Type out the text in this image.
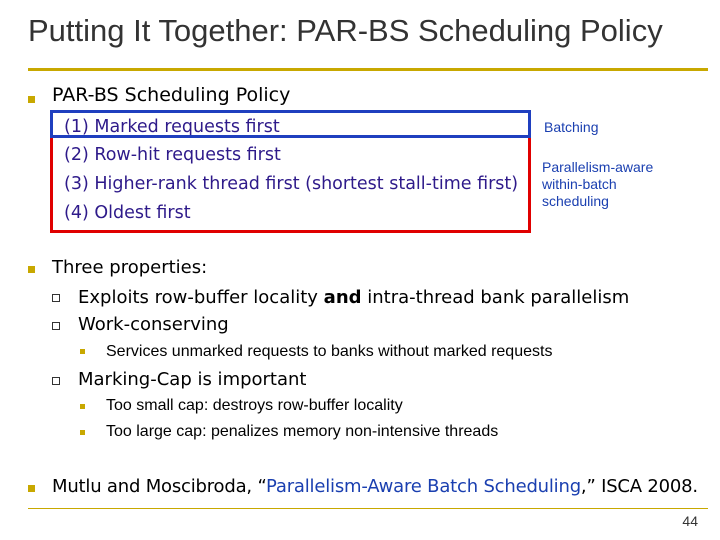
Putting It Together: PAR-BS Scheduling Policy
PAR-BS Scheduling Policy
(1) Marked requests first
(2) Row-hit requests first
(3) Higher-rank thread first (shortest stall-time first)
(4) Oldest first
Batching
Parallelism-aware
within-batch
scheduling
Three properties:
Exploits row-buffer locality and intra-thread bank parallelism
Work-conserving
Services unmarked requests to banks without marked requests
Marking-Cap is important
Too small cap: destroys row-buffer locality
Too large cap: penalizes memory non-intensive threads
Mutlu and Moscibroda, “Parallelism-Aware Batch Scheduling,” ISCA 2008.
44
